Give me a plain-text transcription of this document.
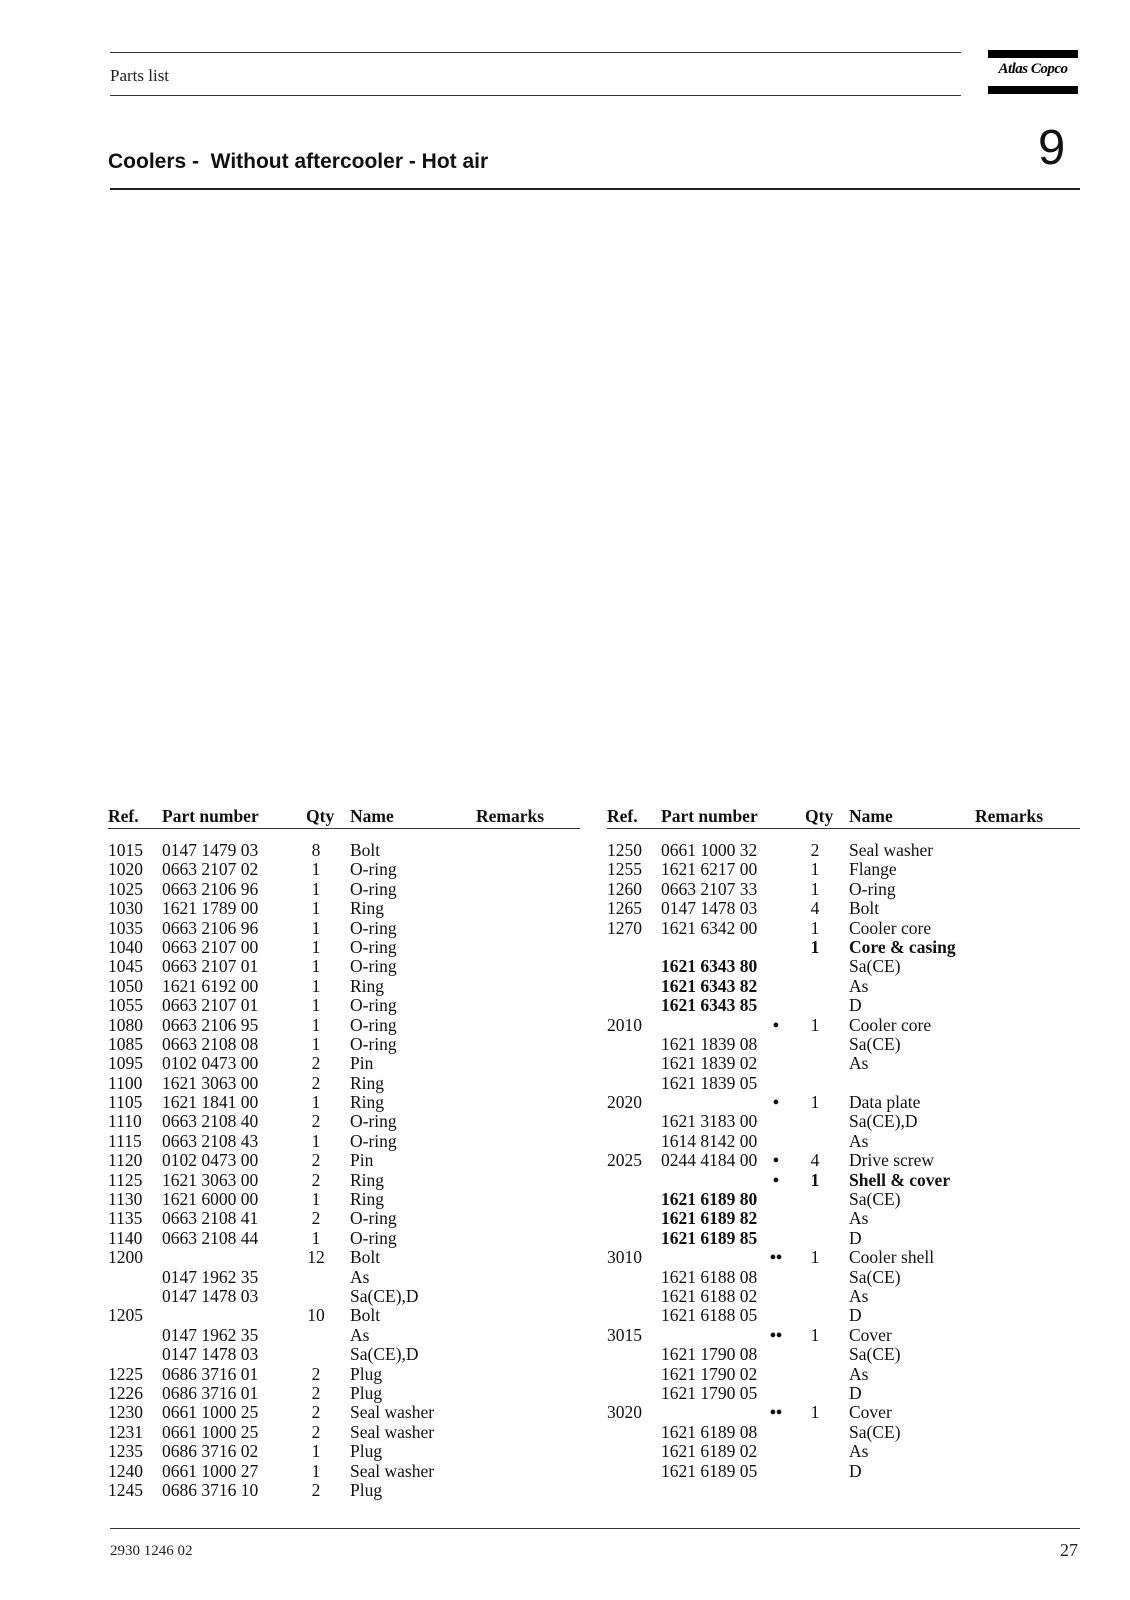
Parts list	Atlas Copco
Coolers -  Without aftercooler - Hot air	9
Ref. Part number	Qty Name	Remarks
1015 0147 1479 03	8	Bolt
1020 0663 2107 02	1	O-ring
1025 0663 2106 96	1	O-ring
1030 1621 1789 00	1	Ring
1035 0663 2106 96	1	O-ring
1040 0663 2107 00	1	O-ring
1045 0663 2107 01	1	O-ring
1050 1621 6192 00	1	Ring
1055 0663 2107 01	1	O-ring
1080 0663 2106 95	1	O-ring
1085 0663 2108 08	1	O-ring
1095 0102 0473 00	2	Pin
1100 1621 3063 00	2	Ring
1105 1621 1841 00	1	Ring
1110 0663 2108 40	2	O-ring
1115 0663 2108 43	1	O-ring
1120 0102 0473 00	2	Pin
1125 1621 3063 00	2	Ring
1130 1621 6000 00	1	Ring
1135 0663 2108 41	2	O-ring
1140 0663 2108 44	1	O-ring
1200	12 Bolt
0147 1962 35	As
0147 1478 03	Sa(CE),D
1205	10 Bolt
0147 1962 35	As
0147 1478 03	Sa(CE),D
1225 0686 3716 01	2	Plug
1226 0686 3716 01	2	Plug
1230 0661 1000 25	2	Seal washer
1231 0661 1000 25	2	Seal washer
1235 0686 3716 02	1	Plug
1240 0661 1000 27	1	Seal washer
1245 0686 3716 10	2	Plug
Ref. Part number	Qty Name	Remarks
1250 0661 1000 32	2	Seal washer
1255 1621 6217 00	1	Flange
1260 0663 2107 33	1	O-ring
1265 0147 1478 03	4	Bolt
1270 1621 6342 00	1	Cooler core
1	Core & casing
1621 6343 80	Sa(CE)
1621 6343 82	As
1621 6343 85	D
2010	•	1	Cooler core
1621 1839 08	Sa(CE)
1621 1839 02	As
1621 1839 05
2020	•	1	Data plate
1621 3183 00	Sa(CE),D
1614 8142 00	As
2025 0244 4184 00 •	4	Drive screw
•	1	Shell & cover
1621 6189 80	Sa(CE)
1621 6189 82	As
1621 6189 85	D
3010	••	1	Cooler shell
1621 6188 08	Sa(CE)
1621 6188 02	As
1621 6188 05	D
3015	••	1	Cover
1621 1790 08	Sa(CE)
1621 1790 02	As
1621 1790 05	D
3020	••	1	Cover
1621 6189 08	Sa(CE)
1621 6189 02	As
1621 6189 05	D
2930 1246 02	27
